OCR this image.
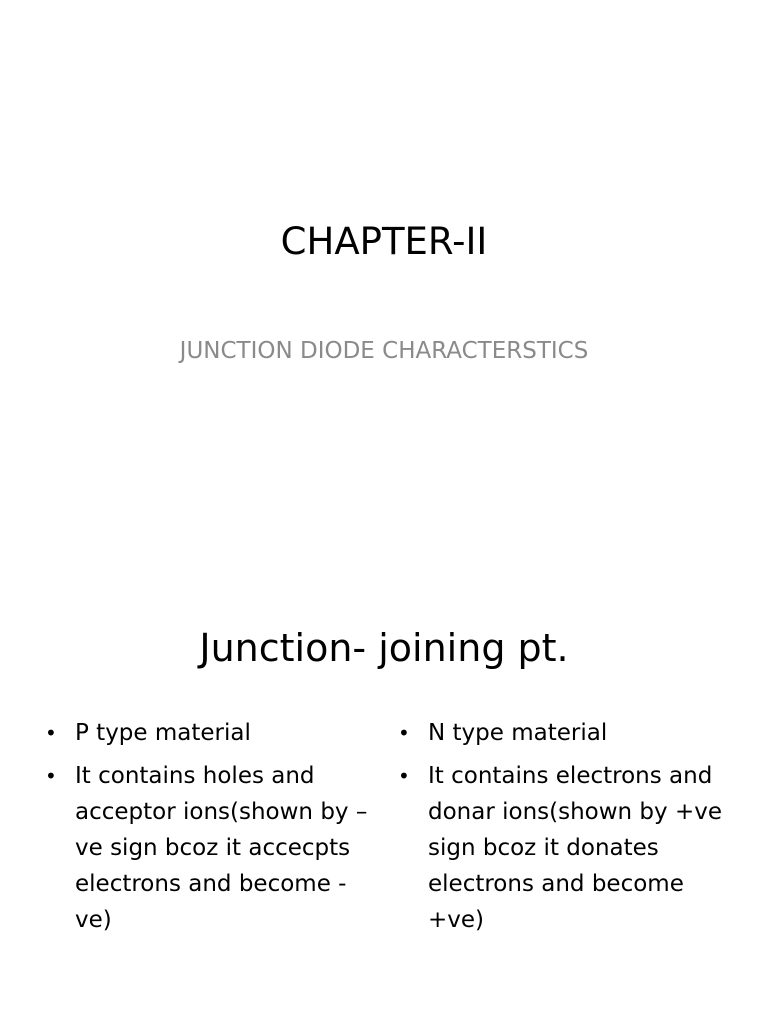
CHAPTER-II
JUNCTION DIODE CHARACTERSTICS
Junction- joining pt.
• P type material
• It contains holes and acceptor ions(shown by –ve sign bcoz it accecpts electrons and become -ve)
• N type material
• It contains electrons and donar ions(shown by +ve sign bcoz it donates electrons and become +ve)
